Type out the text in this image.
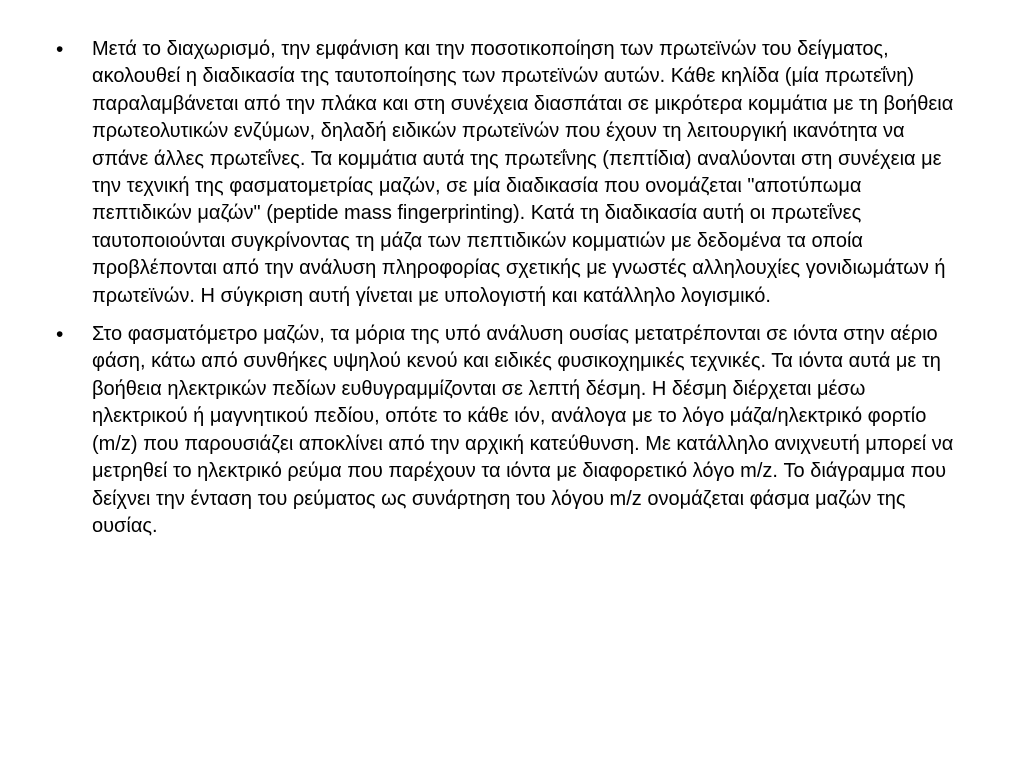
• Μετά το διαχωρισμό, την εμφάνιση και την ποσοτικοποίηση των πρωτεϊνών του δείγματος, ακολουθεί η διαδικασία της ταυτοποίησης των πρωτεϊνών αυτών. Κάθε κηλίδα (μία πρωτεΐνη) παραλαμβάνεται από την πλάκα και στη συνέχεια διασπάται σε μικρότερα κομμάτια με τη βοήθεια πρωτεολυτικών ενζύμων, δηλαδή ειδικών πρωτεϊνών που έχουν τη λειτουργική ικανότητα να σπάνε άλλες πρωτεΐνες. Τα κομμάτια αυτά της πρωτεΐνης (πεπτίδια) αναλύονται στη συνέχεια με την τεχνική της φασματομετρίας μαζών, σε μία διαδικασία που ονομάζεται "αποτύπωμα πεπτιδικών μαζών" (peptide mass fingerprinting). Κατά τη διαδικασία αυτή οι πρωτεΐνες ταυτοποιούνται συγκρίνοντας τη μάζα των πεπτιδικών κομματιών με δεδομένα τα οποία προβλέπονται από την ανάλυση πληροφορίας σχετικής με γνωστές αλληλουχίες γονιδιωμάτων ή πρωτεϊνών. Η σύγκριση αυτή γίνεται με υπολογιστή και κατάλληλο λογισμικό.
• Στο φασματόμετρο μαζών, τα μόρια της υπό ανάλυση ουσίας μετατρέπονται σε ιόντα στην αέριο φάση, κάτω από συνθήκες υψηλού κενού και ειδικές φυσικοχημικές τεχνικές. Τα ιόντα αυτά με τη βοήθεια ηλεκτρικών πεδίων ευθυγραμμίζονται σε λεπτή δέσμη. Η δέσμη διέρχεται μέσω ηλεκτρικού ή μαγνητικού πεδίου, οπότε το κάθε ιόν, ανάλογα με το λόγο μάζα/ηλεκτρικό φορτίο (m/z) που παρουσιάζει αποκλίνει από την αρχική κατεύθυνση. Με κατάλληλο ανιχνευτή μπορεί να μετρηθεί το ηλεκτρικό ρεύμα που παρέχουν τα ιόντα με διαφορετικό λόγο m/z. Το διάγραμμα που δείχνει την ένταση του ρεύματος ως συνάρτηση του λόγου m/z ονομάζεται φάσμα μαζών της ουσίας.
